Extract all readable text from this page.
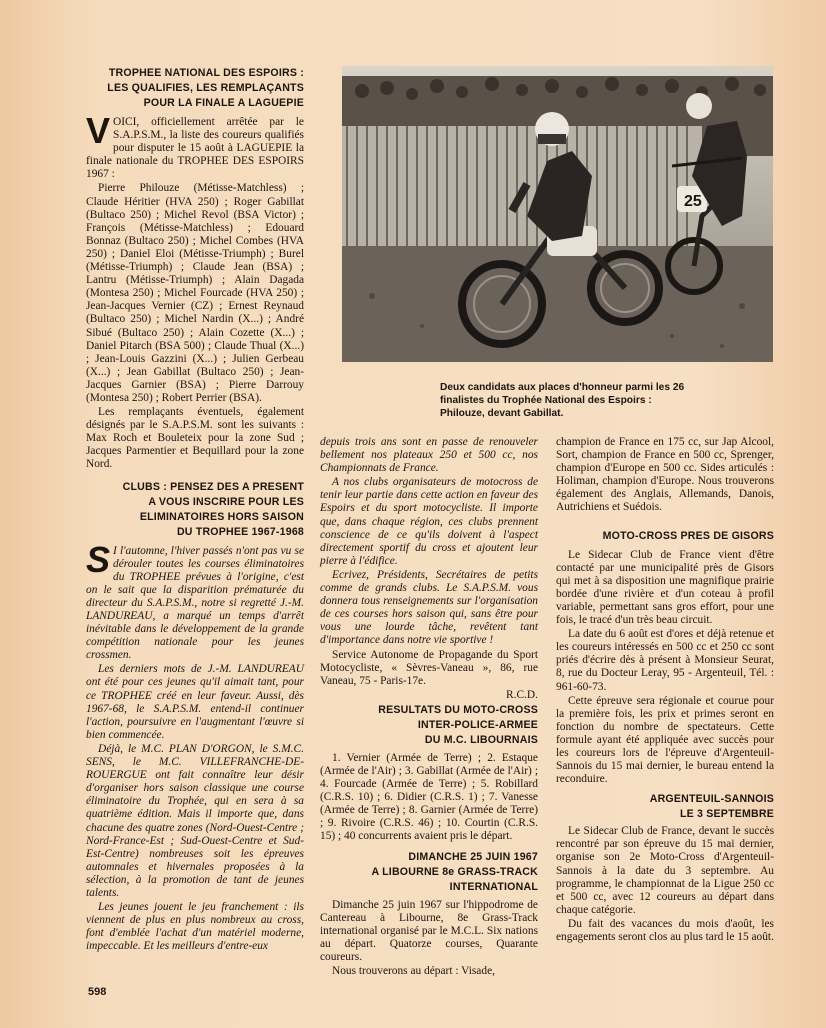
TROPHEE NATIONAL DES ESPOIRS :

LES QUALIFIES, LES REMPLAÇANTS

POUR LA FINALE A LAGUEPIE

VOICI, officiellement arrêtée par le S.A.P.S.M., la liste des coureurs qualifiés pour disputer le 15 août à LAGUEPIE la finale nationale du TROPHEE DES ESPOIRS 1967 :

Pierre Philouze (Métisse-Matchless) ; Claude Héritier (HVA 250) ; Roger Gabillat (Bultaco 250) ; Michel Revol (BSA Victor) ; François (Métisse-Matchless) ; Edouard Bonnaz (Bultaco 250) ; Michel Combes (HVA 250) ; Daniel Eloi (Métisse-Triumph) ; Burel (Métisse-Triumph) ; Claude Jean (BSA) ; Lantru (Métisse-Triumph) ; Alain Dagada (Montesa 250) ; Michel Fourcade (HVA 250) ; Jean-Jacques Vernier (CZ) ; Ernest Reynaud (Bultaco 250) ; Michel Nardin (X...) ; André Sibué (Bultaco 250) ; Alain Cozette (X...) ; Daniel Pitarch (BSA 500) ; Claude Thual (X...) ; Jean-Louis Gazzini (X...) ; Julien Gerbeau (X...) ; Jean Gabillat (Bultaco 250) ; Jean-Jacques Garnier (BSA) ; Pierre Darrouy (Montesa 250) ; Robert Perrier (BSA).

Les remplaçants éventuels, également désignés par le S.A.P.S.M. sont les suivants : Max Roch et Bouleteix pour la zone Sud ; Jacques Parmentier et Bequillard pour la zone Nord.

CLUBS : PENSEZ DES A PRESENT

A VOUS INSCRIRE POUR LES

ELIMINATOIRES HORS SAISON

DU TROPHEE 1967-1968

S I l'automne, l'hiver passés n'ont pas vu se dérouler toutes les courses éliminatoires du TROPHEE prévues à l'origine, c'est on le sait que la disparition prématurée du directeur du S.A.P.S.M., notre si regretté J.-M. LANDUREAU, a marqué un temps d'arrêt inévitable dans le développement de la grande compétition nationale pour les jeunes crossmen.

Les derniers mots de J.-M. LANDUREAU ont été pour ces jeunes qu'il aimait tant, pour ce TROPHEE créé en leur faveur. Aussi, dès 1967-68, le S.A.P.S.M. entend-il continuer l'action, poursuivre en l'augmentant l'œuvre si bien commencée.

Déjà, le M.C. PLAN D'ORGON, le S.M.C. SENS, le M.C. VILLEFRANCHE-DE-ROUERGUE ont fait connaître leur désir d'organiser hors saison classique une course éliminatoire du Trophée, qui en sera à sa quatrième édition. Mais il importe que, dans chacune des quatre zones (Nord-Ouest-Centre ; Nord-France-Est ; Sud-Ouest-Centre et Sud-Est-Centre) nombreuses soit les épreuves automnales et hivernales proposées à la sélection, à la promotion de tant de jeunes talents.

Les jeunes jouent le jeu franchement : ils viennent de plus en plus nombreux au cross, font d'emblée l'achat d'un matériel moderne, impeccable. Et les meilleurs d'entre-eux

25
Deux candidats aux places d'honneur parmi les 26 finalistes du Trophée National des Espoirs : Philouze, devant Gabillat.

depuis trois ans sont en passe de renouveler bellement nos plateaux 250 et 500 cc, nos Championnats de France.

A nos clubs organisateurs de motocross de tenir leur partie dans cette action en faveur des Espoirs et du sport motocycliste. Il importe que, dans chaque région, ces clubs prennent conscience de ce qu'ils doivent à l'aspect directement sportif du cross et ajoutent leur pierre à l'édifice.

Ecrivez, Présidents, Secrétaires de petits comme de grands clubs. Le S.A.P.S.M. vous donnera tous renseignements sur l'organisation de ces courses hors saison qui, sans être pour vous une lourde tâche, revêtent tant d'importance dans notre vie sportive !

Service Autonome de Propagande du Sport Motocycliste, « Sèvres-Vaneau », 86, rue Vaneau, 75 - Paris-17e.

R.C.D.

RESULTATS DU MOTO-CROSS

INTER-POLICE-ARMEE

DU M.C. LIBOURNAIS

1. Vernier (Armée de Terre) ; 2. Estaque (Armée de l'Air) ; 3. Gabillat (Armée de l'Air) ; 4. Fourcade (Armée de Terre) ; 5. Robillard (C.R.S. 10) ; 6. Didier (C.R.S. 1) ; 7. Vanesse (Armée de Terre) ; 8. Garnier (Armée de Terre) ; 9. Rivoire (C.R.S. 46) ; 10. Courtin (C.R.S. 15) ; 40 concurrents avaient pris le départ.

DIMANCHE 25 JUIN 1967

A LIBOURNE 8e GRASS-TRACK

INTERNATIONAL

Dimanche 25 juin 1967 sur l'hippodrome de Cantereau à Libourne, 8e Grass-Track international organisé par le M.C.L. Six nations au départ. Quatorze courses, Quarante coureurs.

Nous trouverons au départ : Visade,

champion de France en 175 cc, sur Jap Alcool, Sort, champion de France en 500 cc, Sprenger, champion d'Europe en 500 cc. Sides articulés : Holiman, champion d'Europe. Nous trouverons également des Anglais, Allemands, Danois, Autrichiens et Suédois.

MOTO-CROSS PRES DE GISORS

Le Sidecar Club de France vient d'être contacté par une municipalité près de Gisors qui met à sa disposition une magnifique prairie bordée d'une rivière et d'un coteau à profil variable, permettant sans gros effort, pour une fois, le tracé d'un très beau circuit.

La date du 6 août est d'ores et déjà retenue et les coureurs intéressés en 500 cc et 250 cc sont priés d'écrire dès à présent à Monsieur Seurat, 8, rue du Docteur Leray, 95 - Argenteuil, Tél. : 961-60-73.

Cette épreuve sera régionale et courue pour la première fois, les prix et primes seront en fonction du nombre de spectateurs. Cette formule ayant été appliquée avec succès pour les coureurs lors de l'épreuve d'Argenteuil-Sannois du 15 mai dernier, le bureau entend la reconduire.

ARGENTEUIL-SANNOIS

LE 3 SEPTEMBRE

Le Sidecar Club de France, devant le succès rencontré par son épreuve du 15 mai dernier, organise son 2e Moto-Cross d'Argenteuil-Sannois à la date du 3 septembre. Au programme, le championnat de la Ligue 250 cc et 500 cc, avec 12 coureurs au départ dans chaque catégorie.

Du fait des vacances du mois d'août, les engagements seront clos au plus tard le 15 août.

598
